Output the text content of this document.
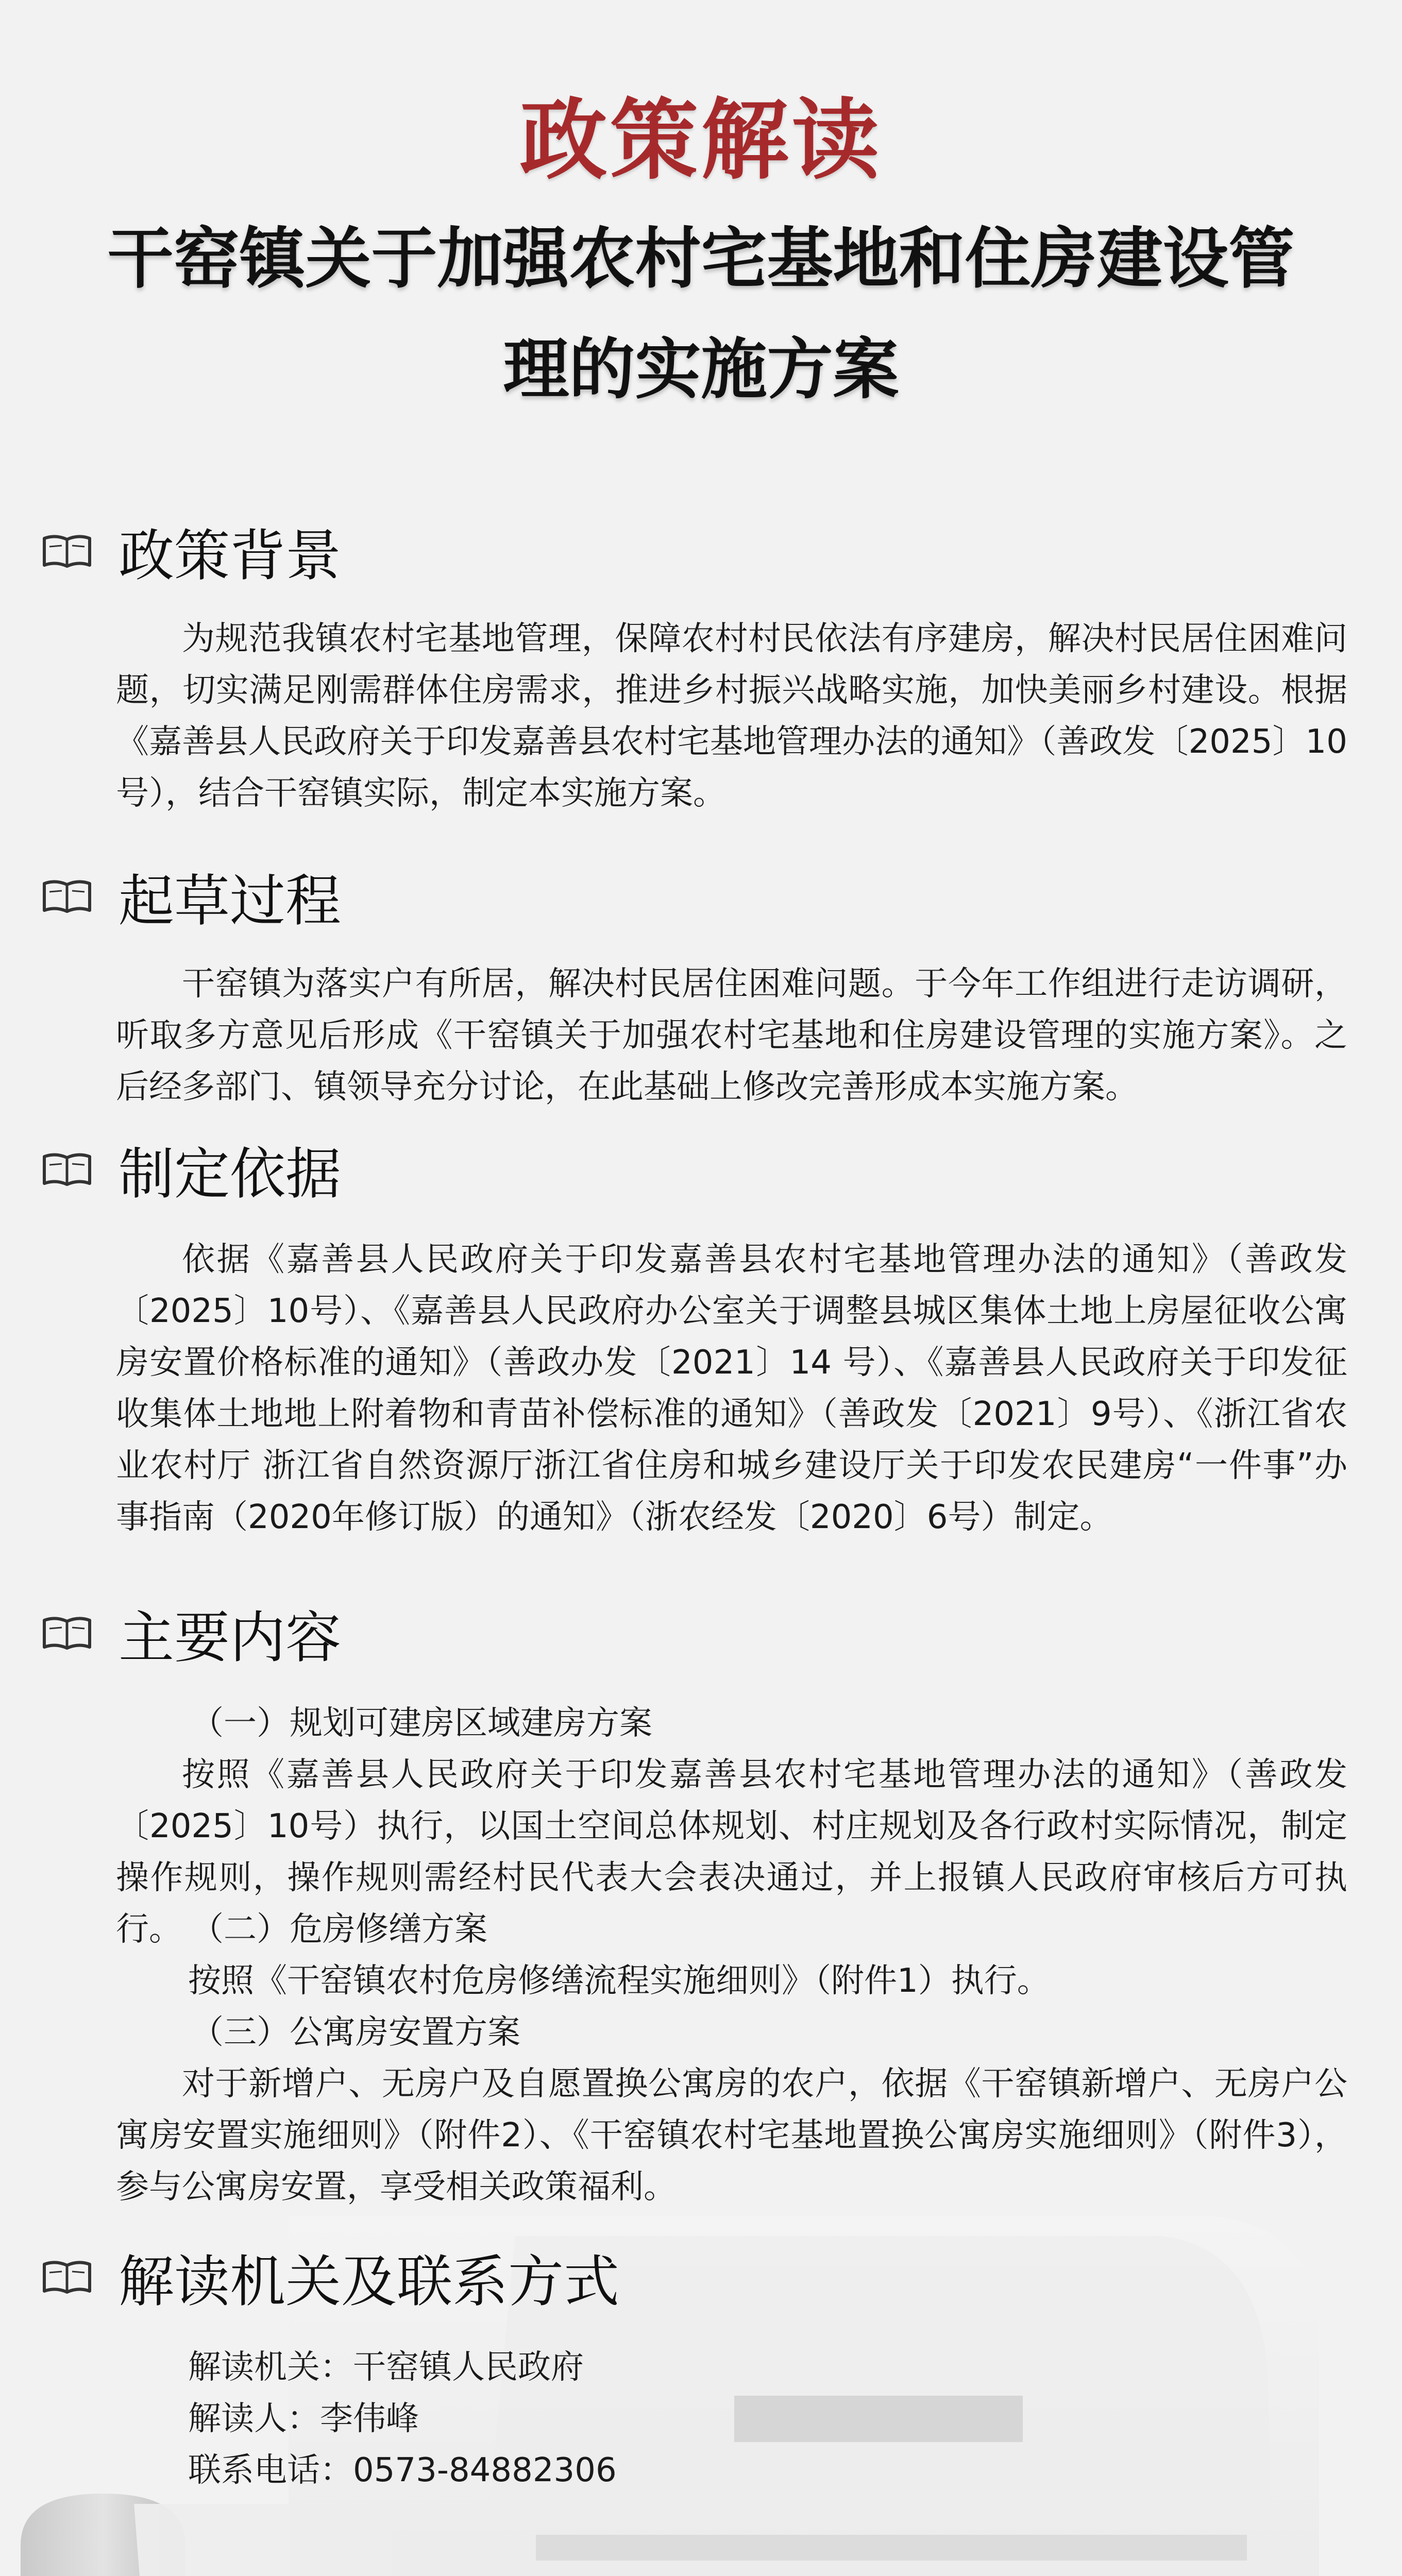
政策解读
干窑镇关于加强农村宅基地和住房建设管理的实施方案
政策背景
为规范我镇农村宅基地管理，保障农村村民依法有序建房，解决村民居住困难问题，切实满足刚需群体住房需求，推进乡村振兴战略实施，加快美丽乡村建设。根据《嘉善县人民政府关于印发嘉善县农村宅基地管理办法的通知》（善政发〔2025〕10号），结合干窑镇实际，制定本实施方案。
起草过程
干窑镇为落实户有所居，解决村民居住困难问题。于今年工作组进行走访调研，听取多方意见后形成《干窑镇关于加强农村宅基地和住房建设管理的实施方案》。之后经多部门、镇领导充分讨论，在此基础上修改完善形成本实施方案。
制定依据
依据《嘉善县人民政府关于印发嘉善县农村宅基地管理办法的通知》（善政发〔2025〕10号）、《嘉善县人民政府办公室关于调整县城区集体土地上房屋征收公寓房安置价格标准的通知》（善政办发〔2021〕14 号）、《嘉善县人民政府关于印发征收集体土地地上附着物和青苗补偿标准的通知》（善政发〔2021〕9号）、《浙江省农业农村厅 浙江省自然资源厅浙江省住房和城乡建设厅关于印发农民建房“一件事”办事指南（2020年修订版）的通知》（浙农经发〔2020〕6号）制定。
主要内容
（一）规划可建房区域建房方案
按照《嘉善县人民政府关于印发嘉善县农村宅基地管理办法的通知》（善政发〔2025〕10号）执行，以国土空间总体规划、村庄规划及各行政村实际情况，制定操作规则，操作规则需经村民代表大会表决通过，并上报镇人民政府审核后方可执行。 （二）危房修缮方案
按照《干窑镇农村危房修缮流程实施细则》（附件1）执行。
（三）公寓房安置方案
对于新增户、无房户及自愿置换公寓房的农户，依据《干窑镇新增户、无房户公寓房安置实施细则》（附件2）、《干窑镇农村宅基地置换公寓房实施细则》（附件3），参与公寓房安置，享受相关政策福利。
解读机关及联系方式
解读机关：干窑镇人民政府
解读人：李伟峰
联系电话：0573-84882306
